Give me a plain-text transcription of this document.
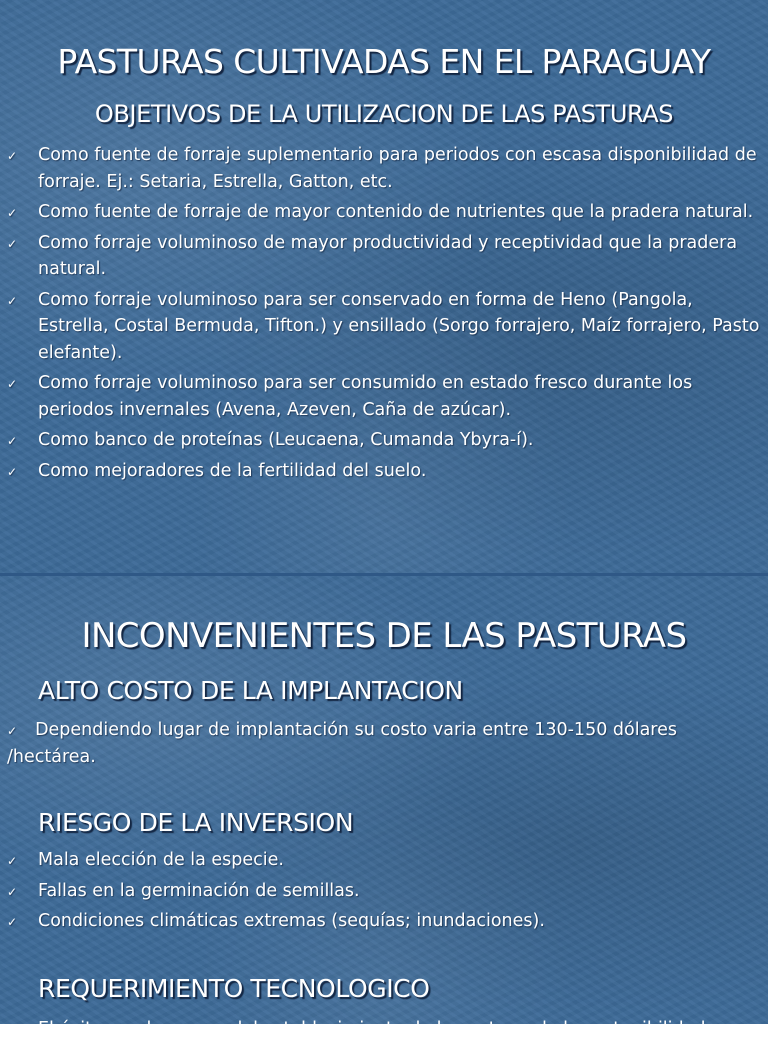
PASTURAS CULTIVADAS EN EL PARAGUAY
OBJETIVOS DE LA UTILIZACION DE LAS PASTURAS
✓ Como fuente de forraje suplementario para periodos con escasa disponibilidad de forraje. Ej.: Setaria, Estrella, Gatton, etc.
✓ Como fuente de forraje de mayor contenido de nutrientes que la pradera natural.
✓ Como forraje voluminoso de mayor productividad y receptividad que la pradera natural.
✓ Como forraje voluminoso para ser conservado en forma de Heno (Pangola, Estrella, Costal Bermuda, Tifton.) y ensillado (Sorgo forrajero, Maíz forrajero, Pasto elefante).
✓ Como forraje voluminoso para ser consumido en estado fresco durante los periodos invernales (Avena, Azeven, Caña de azúcar).
✓ Como banco de proteínas (Leucaena, Cumanda Ybyra-í).
✓ Como mejoradores de la fertilidad del suelo.
INCONVENIENTES DE LAS PASTURAS
ALTO COSTO DE LA IMPLANTACION
✓ Dependiendo lugar de implantación su costo varia entre 130-150 dólares /hectárea.
RIESGO DE LA INVERSION
✓ Mala elección de la especie.
✓ Fallas en la germinación de semillas.
✓ Condiciones climáticas extremas (sequías; inundaciones).
REQUERIMIENTO TECNOLOGICO
El éxito en el proceso del establecimiento de la pastura, de la sostenibilidad
